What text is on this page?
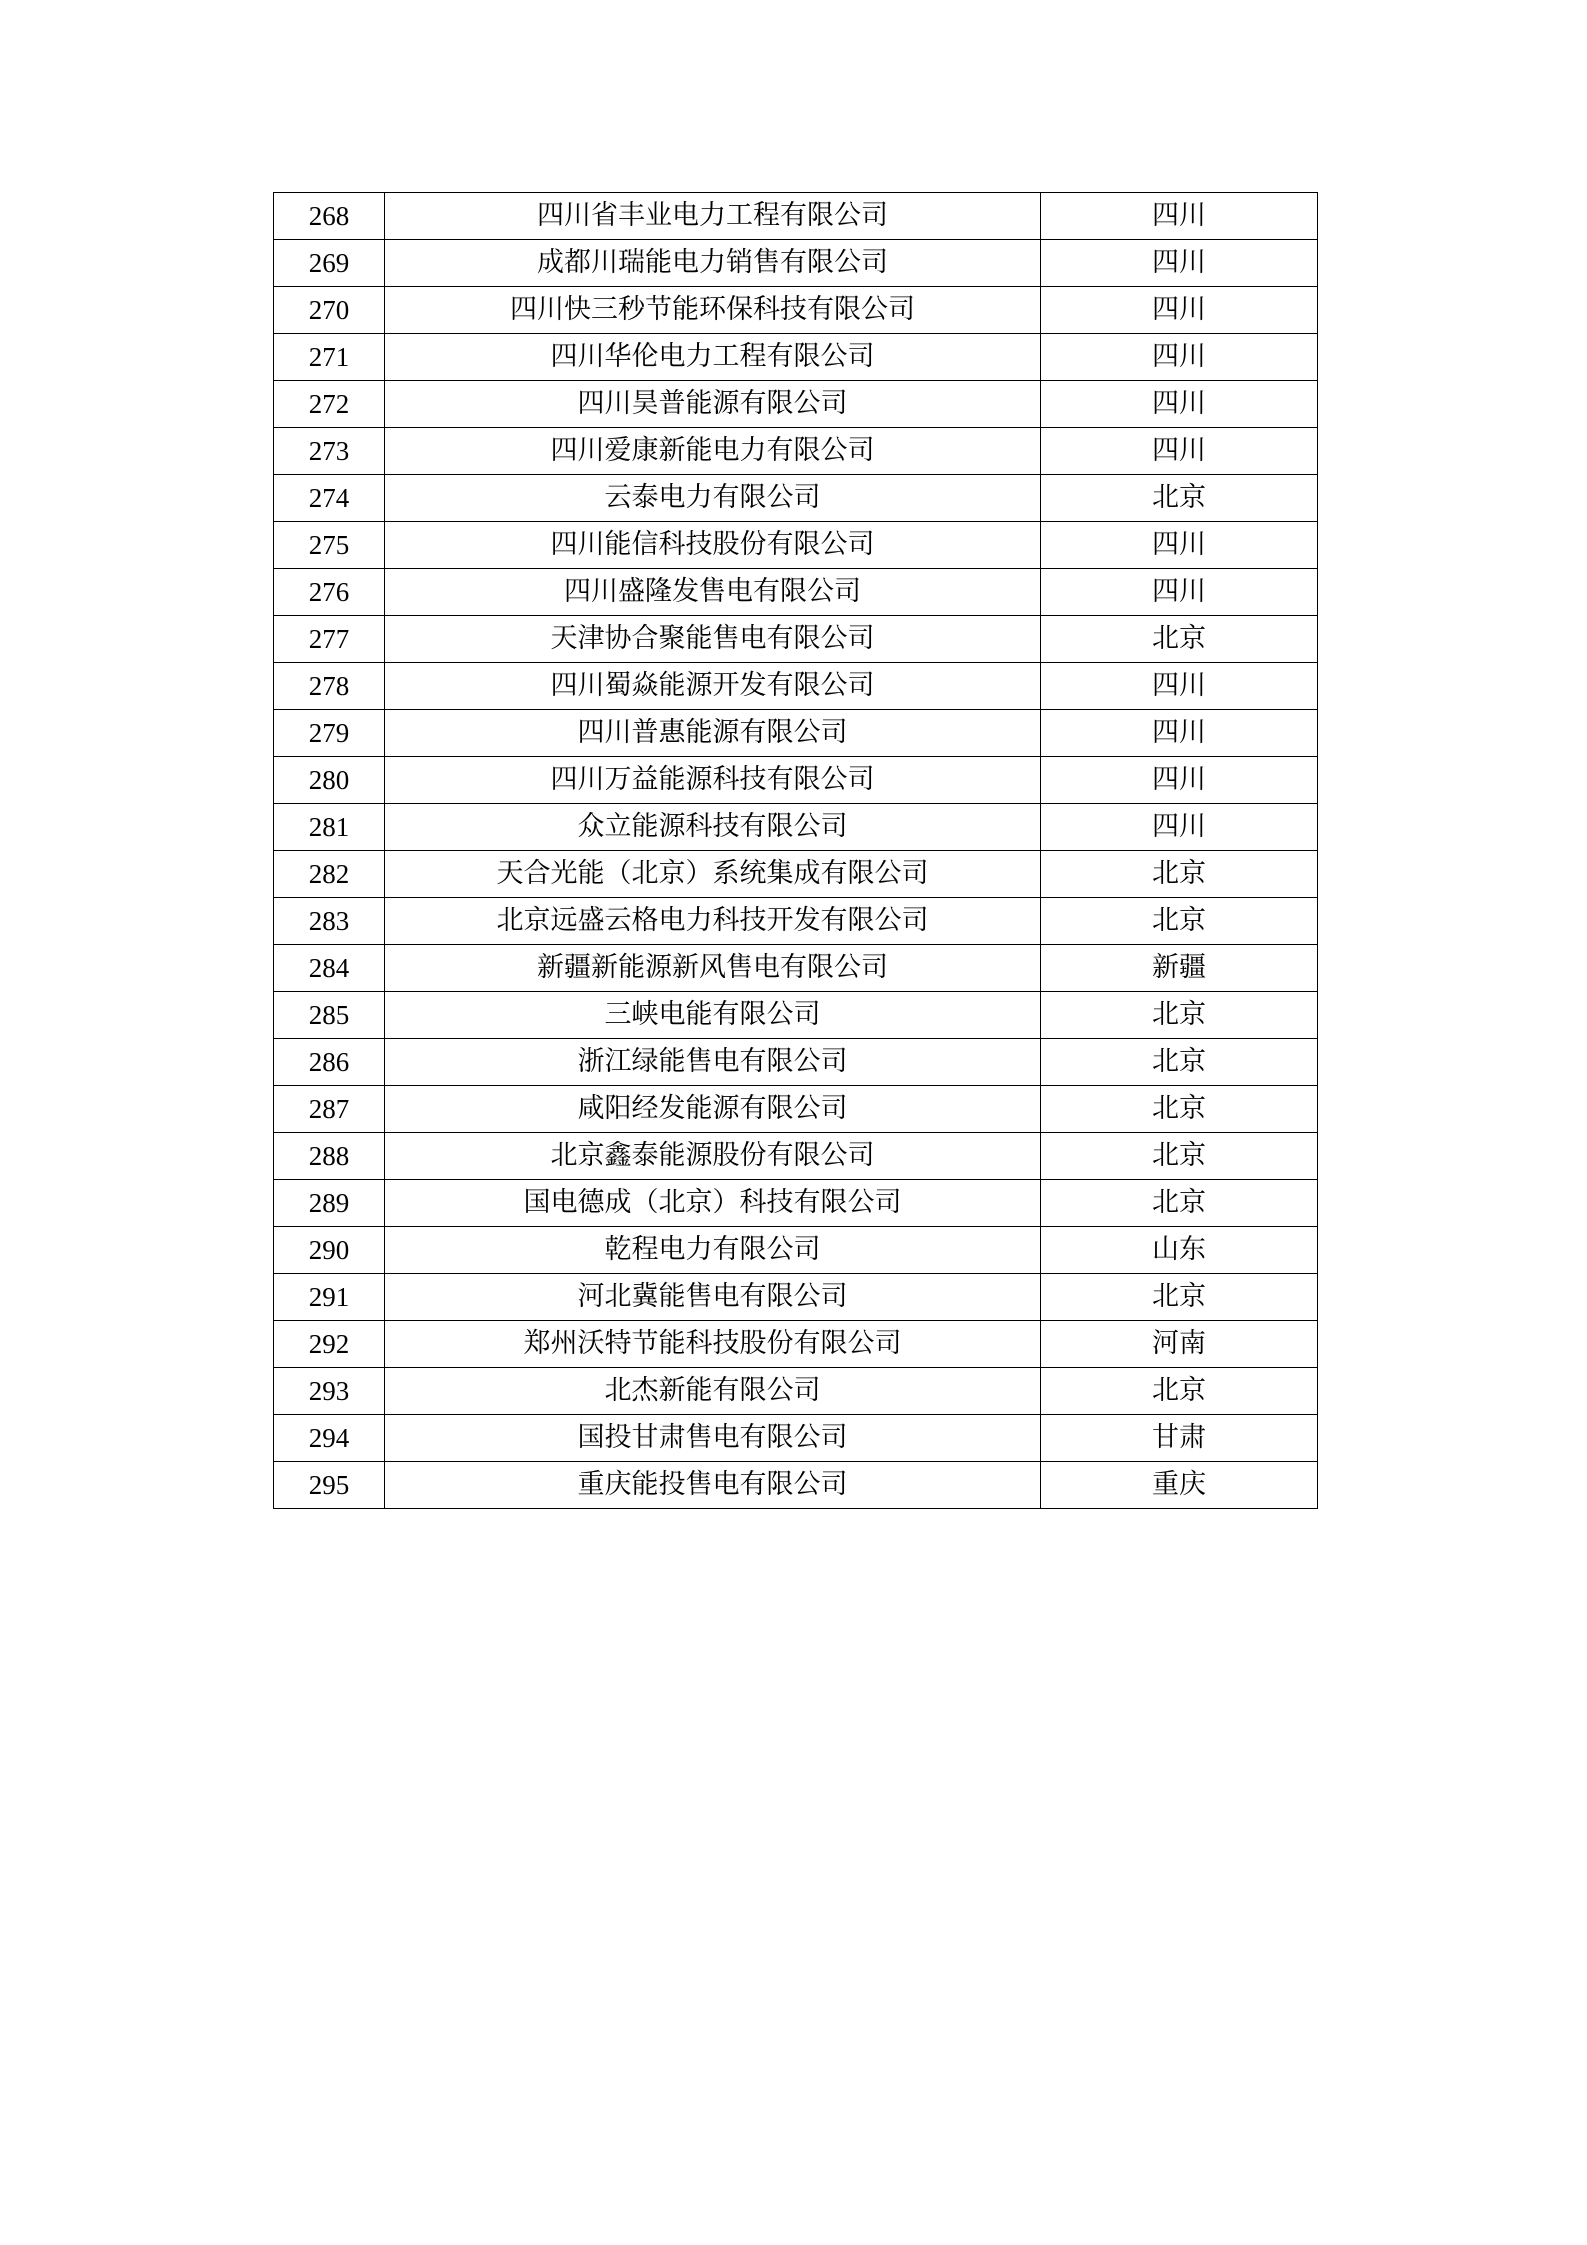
268	四川省丰业电力工程有限公司	四川
269	成都川瑞能电力销售有限公司	四川
270	四川快三秒节能环保科技有限公司	四川
271	四川华伦电力工程有限公司	四川
272	四川昊普能源有限公司	四川
273	四川爱康新能电力有限公司	四川
274	云泰电力有限公司	北京
275	四川能信科技股份有限公司	四川
276	四川盛隆发售电有限公司	四川
277	天津协合聚能售电有限公司	北京
278	四川蜀焱能源开发有限公司	四川
279	四川普惠能源有限公司	四川
280	四川万益能源科技有限公司	四川
281	众立能源科技有限公司	四川
282	天合光能（北京）系统集成有限公司	北京
283	北京远盛云格电力科技开发有限公司	北京
284	新疆新能源新风售电有限公司	新疆
285	三峡电能有限公司	北京
286	浙江绿能售电有限公司	北京
287	咸阳经发能源有限公司	北京
288	北京鑫泰能源股份有限公司	北京
289	国电德成（北京）科技有限公司	北京
290	乾程电力有限公司	山东
291	河北冀能售电有限公司	北京
292	郑州沃特节能科技股份有限公司	河南
293	北杰新能有限公司	北京
294	国投甘肃售电有限公司	甘肃
295	重庆能投售电有限公司	重庆
